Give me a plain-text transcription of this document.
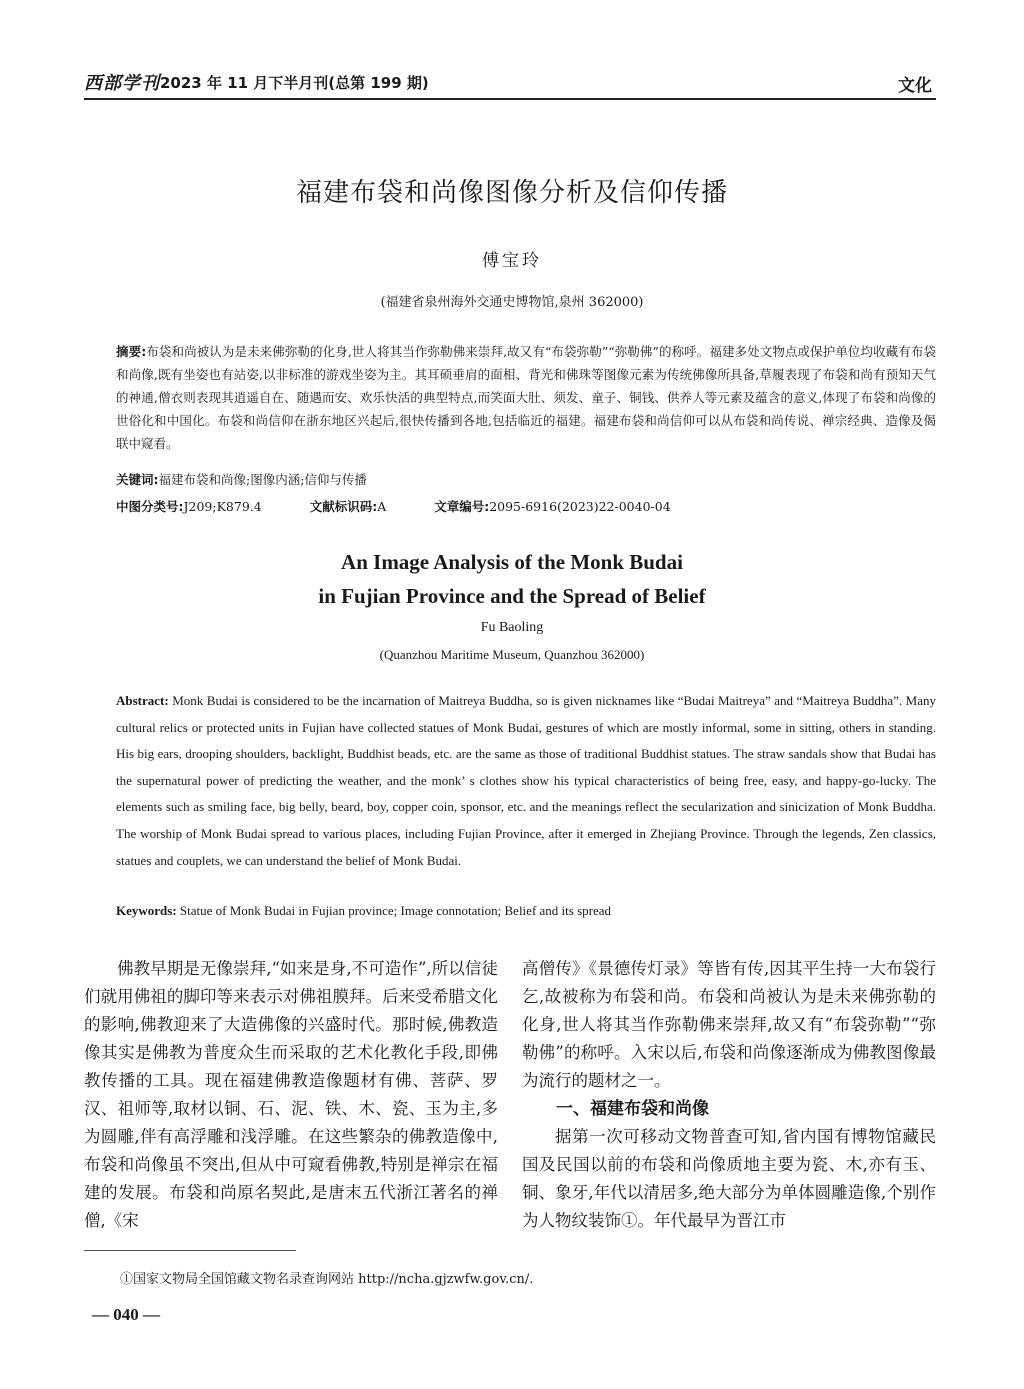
西部学刊 2023 年 11 月下半月刊(总第 199 期)	文化
福建布袋和尚像图像分析及信仰传播
傅宝玲
(福建省泉州海外交通史博物馆,泉州 362000)
摘要:布袋和尚被认为是未来佛弥勒的化身,世人将其当作弥勒佛来崇拜,故又有“布袋弥勒”“弥勒佛”的称呼。福建多处文物点或保护单位均收藏有布袋和尚像,既有坐姿也有站姿,以非标准的游戏坐姿为主。其耳硕垂肩的面相、背光和佛珠等图像元素为传统佛像所具备,草履表现了布袋和尚有预知天气的神通,僧衣则表现其逍遥自在、随遇而安、欢乐快活的典型特点,而笑面大肚、须发、童子、铜钱、供养人等元素及蕴含的意义,体现了布袋和尚像的世俗化和中国化。布袋和尚信仰在浙东地区兴起后,很快传播到各地,包括临近的福建。福建布袋和尚信仰可以从布袋和尚传说、禅宗经典、造像及偈联中窥看。
关键词:福建布袋和尚像;图像内涵;信仰与传播
中图分类号:J209;K879.4	文献标识码:A	文章编号:2095-6916(2023)22-0040-04
An Image Analysis of the Monk Budai
in Fujian Province and the Spread of Belief
Fu Baoling
(Quanzhou Maritime Museum, Quanzhou 362000)
Abstract: Monk Budai is considered to be the incarnation of Maitreya Buddha, so is given nicknames like “Budai Maitreya” and “Maitreya Buddha”. Many cultural relics or protected units in Fujian have collected statues of Monk Budai, gestures of which are mostly informal, some in sitting, others in standing. His big ears, drooping shoulders, backlight, Buddhist beads, etc. are the same as those of traditional Buddhist statues. The straw sandals show that Budai has the supernatural power of predicting the weather, and the monk’ s clothes show his typical characteristics of being free, easy, and happy-go-lucky. The elements such as smiling face, big belly, beard, boy, copper coin, sponsor, etc. and the meanings reflect the secularization and sinicization of Monk Buddha. The worship of Monk Budai spread to various places, including Fujian Province, after it emerged in Zhejiang Province. Through the legends, Zen classics, statues and couplets, we can understand the belief of Monk Budai.
Keywords: Statue of Monk Budai in Fujian province; Image connotation; Belief and its spread

佛教早期是无像崇拜,“如来是身,不可造作”,所以信徒们就用佛祖的脚印等来表示对佛祖膜拜。后来受希腊文化的影响,佛教迎来了大造佛像的兴盛时代。那时候,佛教造像其实是佛教为普度众生而采取的艺术化教化手段,即佛教传播的工具。现在福建佛教造像题材有佛、菩萨、罗汉、祖师等,取材以铜、石、泥、铁、木、瓷、玉为主,多为圆雕,伴有高浮雕和浅浮雕。在这些繁杂的佛教造像中,布袋和尚像虽不突出,但从中可窥看佛教,特别是禅宗在福建的发展。布袋和尚原名契此,是唐末五代浙江著名的禅僧,《宋

高僧传》《景德传灯录》等皆有传,因其平生持一大布袋行乞,故被称为布袋和尚。布袋和尚被认为是未来佛弥勒的化身,世人将其当作弥勒佛来崇拜,故又有“布袋弥勒”“弥勒佛”的称呼。入宋以后,布袋和尚像逐渐成为佛教图像最为流行的题材之一。

一、福建布袋和尚像

据第一次可移动文物普查可知,省内国有博物馆藏民国及民国以前的布袋和尚像质地主要为瓷、木,亦有玉、铜、象牙,年代以清居多,绝大部分为单体圆雕造像,个别作为人物纹装饰①。年代最早为晋江市

①国家文物局全国馆藏文物名录查询网站 http://ncha.gjzwfw.gov.cn/.
— 040 —
